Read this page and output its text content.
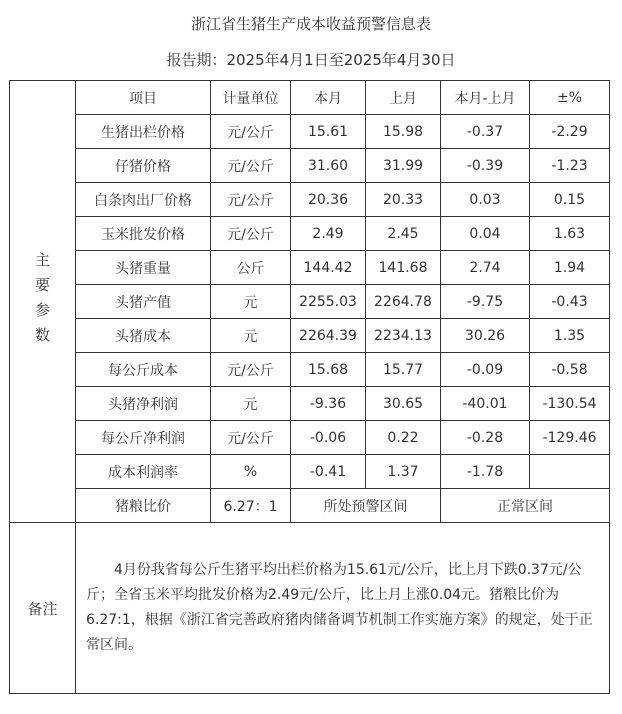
浙江省生猪生产成本收益预警信息表
报告期：2025年4月1日至2025年4月30日
主要参数	项目	计量单位	本月	上月	本月-上月	±%
	生猪出栏价格	元/公斤	15.61	15.98	-0.37	-2.29
	仔猪价格	元/公斤	31.60	31.99	-0.39	-1.23
	白条肉出厂价格	元/公斤	20.36	20.33	0.03	0.15
	玉米批发价格	元/公斤	2.49	2.45	0.04	1.63
	头猪重量	公斤	144.42	141.68	2.74	1.94
	头猪产值	元	2255.03	2264.78	-9.75	-0.43
	头猪成本	元	2264.39	2234.13	30.26	1.35
	每公斤成本	元/公斤	15.68	15.77	-0.09	-0.58
	头猪净利润	元	-9.36	30.65	-40.01	-130.54
	每公斤净利润	元/公斤	-0.06	0.22	-0.28	-129.46
	成本利润率	%	-0.41	1.37	-1.78	
	猪粮比价	6.27：1	所处预警区间		正常区间	
备注	4月份我省每公斤生猪平均出栏价格为15.61元/公斤，比上月下跌0.37元/公斤；全省玉米平均批发价格为2.49元/公斤，比上月上涨0.04元。猪粮比价为6.27:1，根据《浙江省完善政府猪肉储备调节机制工作实施方案》的规定，处于正常区间。					
